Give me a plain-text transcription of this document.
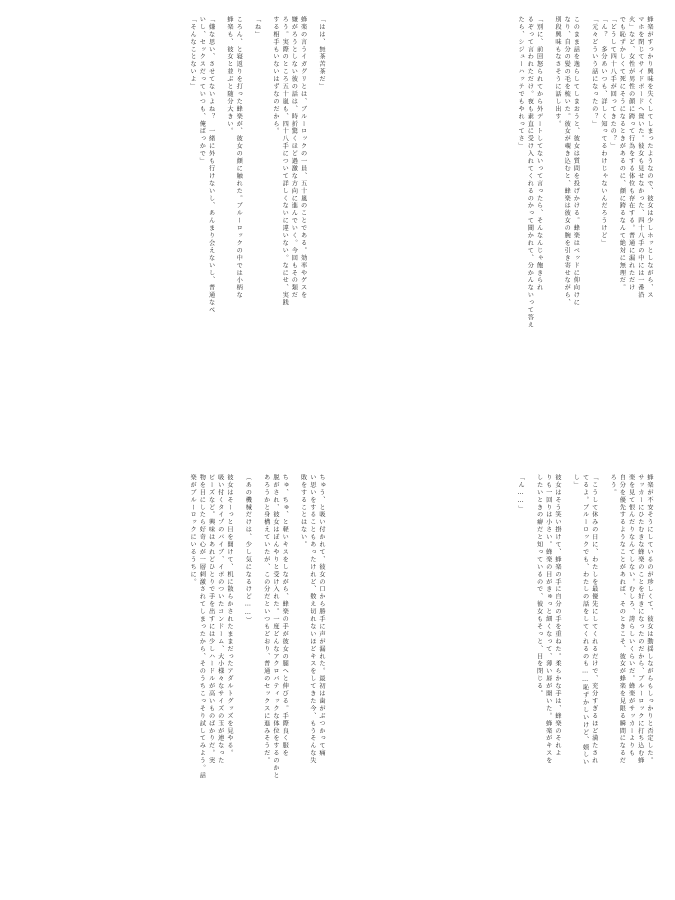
蜂楽がすっかり興味を失くしてしまったようなので、彼女は少しホッとしながら、ス
マホを閉じてサイドボードへ置いた。彼女も見せなかった、四十八手の中には一番沿
火」など、女性が男性の顔に跨って行為をする体位も存在する。普通に漏れただけ
でも恥ずかしくて死にそうになるときがあるのに、顔に跨るなんて絶対に無理だ。
「どうして四十八手が回ってきたの？」
「ん？　多分あいつも、詳しく知ってるわけじゃないんだろうけど」
「元々どういう話になったの？」

このまま話を逸らしてしまおうと、彼女は質問を投げかける。蜂楽はベッドに仰向けに
なり、自分の髪の毛を梳いた。彼女が覗き込むと、蜂楽は彼女の腕を引き寄せながら、
別段興味もなさそうに話し出す。

「別に、前回怒られてから外デートしてないって言ったら、そんなんじゃ飽きられ
るぞって言われただけ。夜も素直に受け入れてくれるのかって聞かれて、分かんないって答え
たら、シジューハッテでもやれってさ」
「はは、無茶苦茶だ」

蜂楽の言うイガグリとは、ブルーロックの一員、五十嵐のことである。効率やゲスを
嫌がろうとしない彼の話は、時折驚くほど過激な方向に進んでいく。今回もその類だ
ろう。実際のところ五十嵐も、四十八手について詳しくないに違いない。なにせ、実践
する相手もいないはずなのだから。

「ね」

ころん、と寝返りを打った蜂楽が、彼女の顔に触れた。ブルーロックの中では小柄な
蜂楽も、彼女と並ぶと随分大きい。

「嫌な思い、させてないよね？　一緒に外も行けないし、あんまり会えないし、普通なべ
いし、セックスだっていつも、俺ばっかで」
「そんなことないよ」
蜂楽が不安そうにしているのが珍しくて、彼女は動揺しながらもしっかりと否定した。
サッカーにひたむきな蜂楽のことを好きになったのだから、ブルーロックに打ち込む蜂
楽を見て恨んだりなんてしない。むしろ、誇らしいくらいだ。蜂楽がサッカーよりも
自分を優先するようなことがあれば、そのときこそ、彼女が蜂楽を見限る瞬間になるだ
ろう。

「こうして休みの日に、わたしを最優先にしてくれるだけで、充分すぎるほど満たされ
てるよ。ブルーロックでも、わたしの話をしてくれるのも……恥ずかしいけど、嬉しい
し」

彼女はそう笑い掛けて、蜂楽の手に自分の手を重ねた。柔らかな手は、蜂楽のそれよ
りも一回りは小さい。蜂楽の目がきゅっと細くなって、薄い唇が開いた。蜂楽がキスを
したいときの癖だと知っているので、彼女もそっと、目を閉じる。

「ん……」
ちゅう、と吸い付かれて、彼女の口から勝手に声が漏れた。最初は歯がぶつかって痛
い思いをすることもあったけれど、数え切れないほどキスをしてきた今、もうそんな失
敗をすることはない。

ちゅ、ちゅ、と軽いキスをしながら、蜂楽の手が彼女の腿へと伸びる。手際良く服を
脱がされ、彼女はぼんやりと受け入れた。一度どんなアクロバティックな体位をするのかと
あろうかと身構えていたが、この分だといつもどおり、普通のセックスに進みそうだ。

（あの機械だけは、少し気になるけど……）

彼女はそーっと目を開けて、机に散らかされたままだったアダルトグッズを見やる。
吸い付くタイプのバイブ、イボのついたコンドーム、大小様々なサイズの玉が連なった
ビーズなど。興味はあれどひとりで手を出すには少しハードルが高いものばかりだ。実
物を目にしたら好奇心が一層刺激されてしまったから、そのうちこっそり試してみよう。話
楽がブルーロックにいるうちに。
